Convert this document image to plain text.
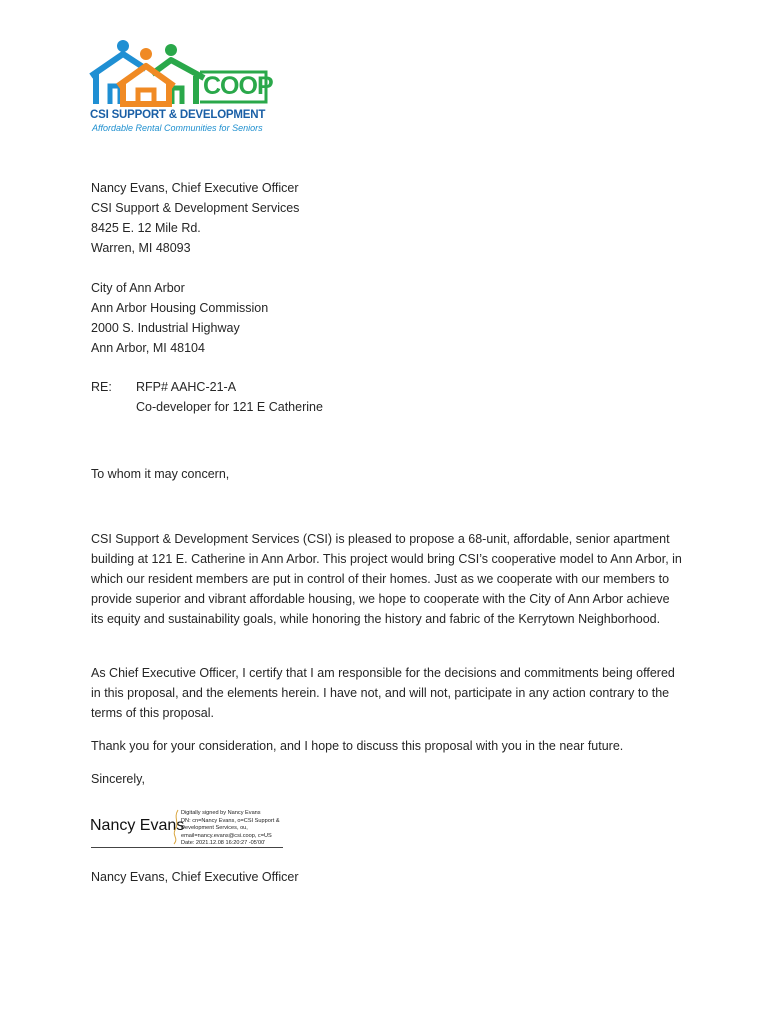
COOP
CSI SUPPORT & DEVELOPMENT
Affordable Rental Communities for Seniors
Nancy Evans, Chief Executive Officer
CSI Support & Development Services
8425 E. 12 Mile Rd.
Warren, MI 48093
City of Ann Arbor
Ann Arbor Housing Commission
2000 S. Industrial Highway
Ann Arbor, MI 48104
RE: RFP# AAHC-21-A
Co-developer for 121 E Catherine
To whom it may concern,

CSI Support & Development Services (CSI) is pleased to propose a 68-unit, affordable, senior apartment building at 121 E. Catherine in Ann Arbor. This project would bring CSI’s cooperative model to Ann Arbor, in which our resident members are put in control of their homes. Just as we cooperate with our members to provide superior and vibrant affordable housing, we hope to cooperate with the City of Ann Arbor achieve its equity and sustainability goals, while honoring the history and fabric of the Kerrytown Neighborhood.

As Chief Executive Officer, I certify that I am responsible for the decisions and commitments being offered in this proposal, and the elements herein. I have not, and will not, participate in any action contrary to the terms of this proposal.

Thank you for your consideration, and I hope to discuss this proposal with you in the near future.

Sincerely,
Nancy Evans
Digitally signed by Nancy Evans
DN: cn=Nancy Evans, o=CSI Support &
Development Services, ou,
email=nancy.evans@csi.coop, c=US
Date: 2021.12.08 16:20:27 -05'00'
Nancy Evans, Chief Executive Officer
